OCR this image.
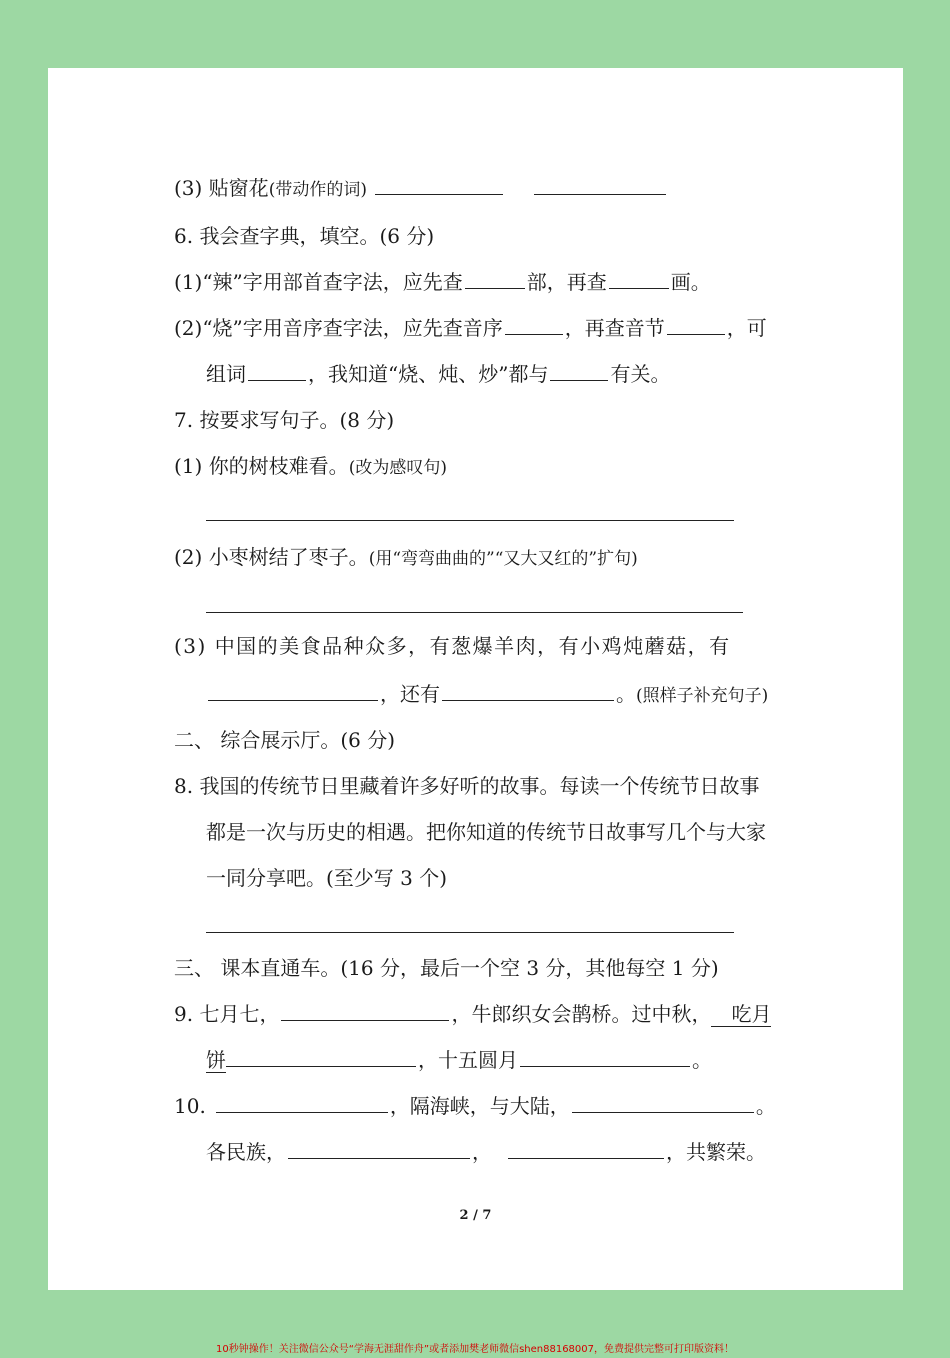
(3) 贴窗花(带动作的词)
6. 我会查字典，填空。(6 分)
(1)“辣”字用部首查字法，应先查	部，再查	画。
(2)“烧”字用音序查字法，应先查音序	，再查音节	，可
组词	，我知道“烧、炖、炒”都与	有关。
7. 按要求写句子。(8 分)
(1) 你的树枝难看。(改为感叹句)
(2) 小枣树结了枣子。(用“弯弯曲曲的”“又大又红的”扩句)
(3) 中国的美食品种众多，有葱爆羊肉，有小鸡炖蘑菇，有
，还有	。(照样子补充句子)
二、 综合展示厅。(6 分)
8. 我国的传统节日里藏着许多好听的故事。每读一个传统节日故事
都是一次与历史的相遇。把你知道的传统节日故事写几个与大家
一同分享吧。(至少写 3 个)
三、 课本直通车。(16 分，最后一个空 3 分，其他每空 1 分)
9. 七月七，	，牛郎织女会鹊桥。过中秋， 吃月
饼	，十五圆月	。
10.	，隔海峡，与大陆，	。
各民族，	，	，共繁荣。
2 / 7
10秒钟操作！关注微信公众号“学海无涯甜作舟”或者添加樊老师微信shen88168007，免费提供完整可打印版资料！
